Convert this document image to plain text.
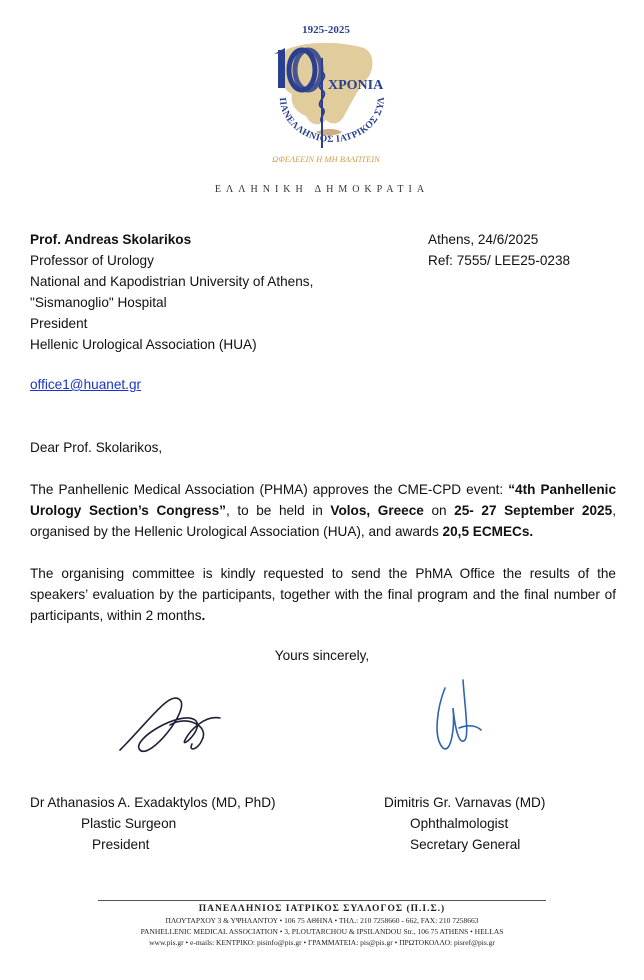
1925-2025
ΠΑΝΕΛΛΗΝΙΟΣ ΙΑΤΡΙΚΟΣ ΣΥΛ
ΧΡΟΝΙΑ
ΩΦΕΛΕΕΙΝ Η ΜΗ ΒΛΑΠΤΕΙΝ
ΕΛΛΗΝΙΚΗ ΔΗΜΟΚΡΑΤΙΑ
Prof. Andreas Skolarikos
Professor of Urology
National and Kapodistrian University of Athens,
"Sismanoglio" Hospital
President
Hellenic Urological Association (HUA)
Athens, 24/6/2025
Ref: 7555/ LEE25-0238
office1@huanet.gr
Dear Prof. Skolarikos,
The Panhellenic Medical Association (PHMA) approves the CME-CPD event: “4th Panhellenic Urology Section’s Congress”, to be held in Volos, Greece on 25- 27 September 2025, organised by the Hellenic Urological Association (HUA), and awards 20,5 ECMECs.
The organising committee is kindly requested to send the PhMA Office the results of the speakers’ evaluation by the participants, together with the final program and the final number of participants, within 2 months.
Yours sincerely,
Dr Athanasios A. Exadaktylos (MD, PhD)
Plastic Surgeon
President
Dimitris Gr. Varnavas (MD)
Ophthalmologist
Secretary General
ΠΑΝΕΛΛΗΝΙΟΣ ΙΑΤΡΙΚΟΣ ΣΥΛΛΟΓΟΣ (Π.Ι.Σ.)
ΠΛΟΥΤΑΡΧΟΥ 3 & ΥΨΗΛΑΝΤΟΥ • 106 75 ΑΘΗΝΑ • ΤΗΛ.: 210 7258660 - 662, FAX: 210 7258663
PANHELLENIC MEDICAL ASSOCIATION • 3, PLOUTARCHOU & IPSILANDOU Str., 106 75 ATHENS • HELLAS
www.pis.gr • e-mails: ΚΕΝΤΡΙΚΟ: pisinfo@pis.gr • ΓΡΑΜΜΑΤΕΙΑ: pis@pis.gr • ΠΡΩΤΟΚΟΛΛΟ: pisref@pis.gr
